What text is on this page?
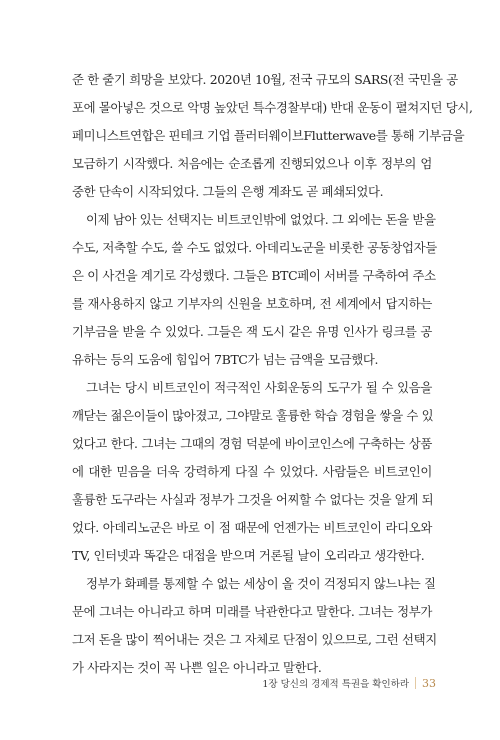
준 한 줄기 희망을 보았다. 2020년 10월, 전국 규모의 SARS(전 국민을 공
포에 몰아넣은 것으로 악명 높았던 특수경찰부대) 반대 운동이 펼쳐지던 당시,
페미니스트연합은 핀테크 기업 플러터웨이브Flutterwave를 통해 기부금을
모금하기 시작했다. 처음에는 순조롭게 진행되었으나 이후 정부의 엄
중한 단속이 시작되었다. 그들의 은행 계좌도 곧 폐쇄되었다.
이제 남아 있는 선택지는 비트코인밖에 없었다. 그 외에는 돈을 받을
수도, 저축할 수도, 쓸 수도 없었다. 아데리노군을 비롯한 공동창업자들
은 이 사건을 계기로 각성했다. 그들은 BTC페이 서버를 구축하여 주소
를 재사용하지 않고 기부자의 신원을 보호하며, 전 세계에서 답지하는
기부금을 받을 수 있었다. 그들은 잭 도시 같은 유명 인사가 링크를 공
유하는 등의 도움에 힘입어 7BTC가 넘는 금액을 모금했다.
그녀는 당시 비트코인이 적극적인 사회운동의 도구가 될 수 있음을
깨닫는 젊은이들이 많아졌고, 그야말로 훌륭한 학습 경험을 쌓을 수 있
었다고 한다. 그녀는 그때의 경험 덕분에 바이코인스에 구축하는 상품
에 대한 믿음을 더욱 강력하게 다질 수 있었다. 사람들은 비트코인이
훌륭한 도구라는 사실과 정부가 그것을 어찌할 수 없다는 것을 알게 되
었다. 아데리노군은 바로 이 점 때문에 언젠가는 비트코인이 라디오와
TV, 인터넷과 똑같은 대접을 받으며 거론될 날이 오리라고 생각한다.
정부가 화폐를 통제할 수 없는 세상이 올 것이 걱정되지 않느냐는 질
문에 그녀는 아니라고 하며 미래를 낙관한다고 말한다. 그녀는 정부가
그저 돈을 많이 찍어내는 것은 그 자체로 단점이 있으므로, 그런 선택지
가 사라지는 것이 꼭 나쁜 일은 아니라고 말한다.
1장 당신의 경제적 특권을 확인하라 33
